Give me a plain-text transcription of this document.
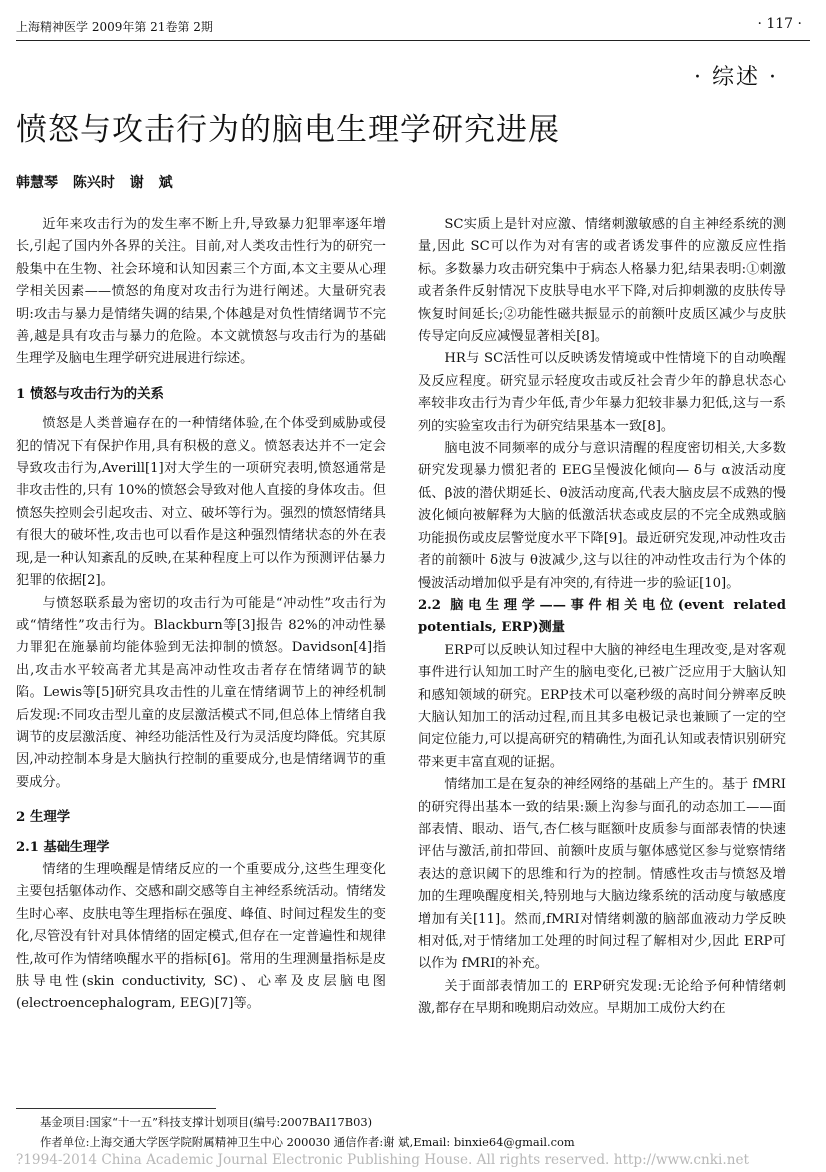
上海精神医学 2009年第 21卷第 2期	· 117 ·
· 综述 ·
愤怒与攻击行为的脑电生理学研究进展
韩慧琴 陈兴时 谢 斌

近年来攻击行为的发生率不断上升,导致暴力犯罪率逐年增长,引起了国内外各界的关注。目前,对人类攻击性行为的研究一般集中在生物、社会环境和认知因素三个方面,本文主要从心理学相关因素——愤怒的角度对攻击行为进行阐述。大量研究表明:攻击与暴力是情绪失调的结果,个体越是对负性情绪调节不完善,越是具有攻击与暴力的危险。本文就愤怒与攻击行为的基础生理学及脑电生理学研究进展进行综述。

1 愤怒与攻击行为的关系

愤怒是人类普遍存在的一种情绪体验,在个体受到威胁或侵犯的情况下有保护作用,具有积极的意义。愤怒表达并不一定会导致攻击行为,Averill[1]对大学生的一项研究表明,愤怒通常是非攻击性的,只有 10%的愤怒会导致对他人直接的身体攻击。但愤怒失控则会引起攻击、对立、破坏等行为。强烈的愤怒情绪具有很大的破坏性,攻击也可以看作是这种强烈情绪状态的外在表现,是一种认知紊乱的反映,在某种程度上可以作为预测评估暴力犯罪的依据[2]。

与愤怒联系最为密切的攻击行为可能是“冲动性”攻击行为或“情绪性”攻击行为。Blackburn等[3]报告 82%的冲动性暴力罪犯在施暴前均能体验到无法抑制的愤怒。Davidson[4]指出,攻击水平较高者尤其是高冲动性攻击者存在情绪调节的缺陷。Lewis等[5]研究具攻击性的儿童在情绪调节上的神经机制后发现:不同攻击型儿童的皮层激活模式不同,但总体上情绪自我调节的皮层激活度、神经功能活性及行为灵活度均降低。究其原因,冲动控制本身是大脑执行控制的重要成分,也是情绪调节的重要成分。

2 生理学
2.1 基础生理学

情绪的生理唤醒是情绪反应的一个重要成分,这些生理变化主要包括躯体动作、交感和副交感等自主神经系统活动。情绪发生时心率、皮肤电等生理指标在强度、峰值、时间过程发生的变化,尽管没有针对具体情绪的固定模式,但存在一定普遍性和规律性,故可作为情绪唤醒水平的指标[6]。常用的生理测量指标是皮肤导电性(skin conductivity, SC)、心率及皮层脑电图(electroencephalogram, EEG)[7]等。

SC实质上是针对应激、情绪刺激敏感的自主神经系统的测量,因此 SC可以作为对有害的或者诱发事件的应激反应性指标。多数暴力攻击研究集中于病态人格暴力犯,结果表明:①刺激或者条件反射情况下皮肤导电水平下降,对后抑刺激的皮肤传导恢复时间延长;②功能性磁共振显示的前额叶皮质区减少与皮肤传导定向反应减慢显著相关[8]。

HR与 SC活性可以反映诱发情境或中性情境下的自动唤醒及反应程度。研究显示轻度攻击或反社会青少年的静息状态心率较非攻击行为青少年低,青少年暴力犯较非暴力犯低,这与一系列的实验室攻击行为研究结果基本一致[8]。

脑电波不同频率的成分与意识清醒的程度密切相关,大多数研究发现暴力惯犯者的 EEG呈慢波化倾向— δ与 α波活动度低、β波的潜伏期延长、θ波活动度高,代表大脑皮层不成熟的慢波化倾向被解释为大脑的低激活状态或皮层的不完全成熟或脑功能损伤或皮层警觉度水平下降[9]。最近研究发现,冲动性攻击者的前额叶 δ波与 θ波减少,这与以往的冲动性攻击行为个体的慢波活动增加似乎是有冲突的,有待进一步的验证[10]。

2.2 脑电生理学——事件相关电位(event related potentials, ERP)测量

ERP可以反映认知过程中大脑的神经电生理改变,是对客观事件进行认知加工时产生的脑电变化,已被广泛应用于大脑认知和感知领域的研究。ERP技术可以毫秒级的高时间分辨率反映大脑认知加工的活动过程,而且其多电极记录也兼顾了一定的空间定位能力,可以提高研究的精确性,为面孔认知或表情识别研究带来更丰富直观的证据。

情绪加工是在复杂的神经网络的基础上产生的。基于 fMRI的研究得出基本一致的结果:颞上沟参与面孔的动态加工——面部表情、眼动、语气,杏仁核与眶额叶皮质参与面部表情的快速评估与激活,前扣带回、前额叶皮质与躯体感觉区参与觉察情绪表达的意识阈下的思维和行为的控制。情感性攻击与愤怒及增加的生理唤醒度相关,特别地与大脑边缘系统的活动度与敏感度增加有关[11]。然而,fMRI对情绪刺激的脑部血液动力学反映相对低,对于情绪加工处理的时间过程了解相对少,因此 ERP可以作为 fMRI的补充。

关于面部表情加工的 ERP研究发现:无论给予何种情绪刺激,都存在早期和晚期启动效应。早期加工成份大约在

基金项目:国家“十一五”科技支撑计划项目(编号:2007BAI17B03)
作者单位:上海交通大学医学院附属精神卫生中心 200030 通信作者:谢 斌,Email: binxie64@gmail.com
?1994-2014 China Academic Journal Electronic Publishing House. All rights reserved. http://www.cnki.net
